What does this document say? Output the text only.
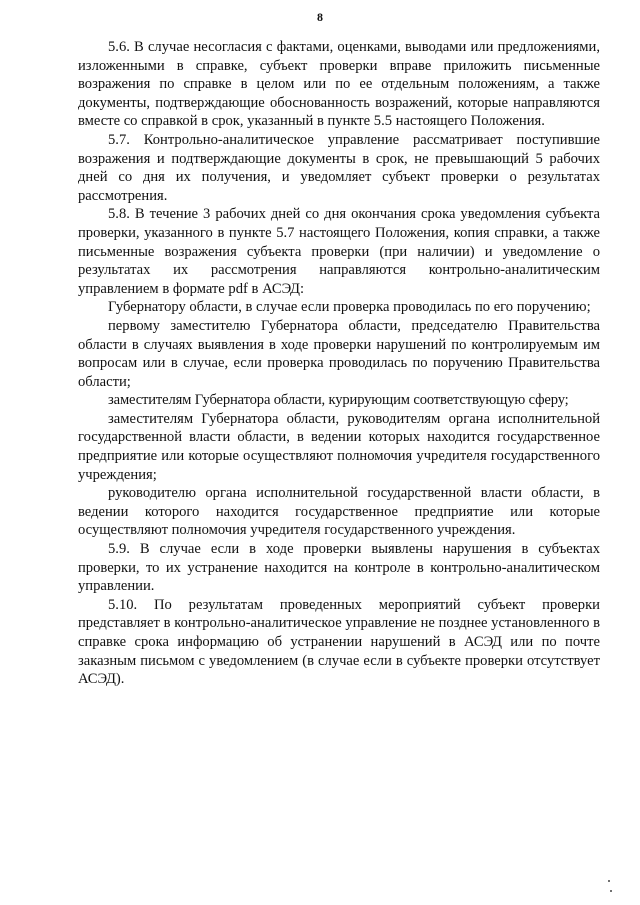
8

5.6. В случае несогласия с фактами, оценками, выводами или предложениями, изложенными в справке, субъект проверки вправе приложить письменные возражения по справке в целом или по ее отдельным положениям, а также документы, подтверждающие обоснованность возражений, которые направляются вместе со справкой в срок, указанный в пункте 5.5 настоящего Положения.

5.7. Контрольно-аналитическое управление рассматривает поступившие возражения и подтверждающие документы в срок, не превышающий 5 рабочих дней со дня их получения, и уведомляет субъект проверки о результатах рассмотрения.

5.8. В течение 3 рабочих дней со дня окончания срока уведомления субъекта проверки, указанного в пункте 5.7 настоящего Положения, копия справки, а также письменные возражения субъекта проверки (при наличии) и уведомление о результатах их рассмотрения направляются контрольно-аналитическим управлением в формате pdf в АСЭД:

Губернатору области, в случае если проверка проводилась по его поручению;

первому заместителю Губернатора области, председателю Правительства области в случаях выявления в ходе проверки нарушений по контролируемым им вопросам или в случае, если проверка проводилась по поручению Правительства области;

заместителям Губернатора области, курирующим соответствующую сферу;

заместителям Губернатора области, руководителям органа исполнительной государственной власти области, в ведении которых находится государственное предприятие или которые осуществляют полномочия учредителя государственного учреждения;

руководителю органа исполнительной государственной власти области, в ведении которого находится государственное предприятие или которые осуществляют полномочия учредителя государственного учреждения.

5.9. В случае если в ходе проверки выявлены нарушения в субъектах проверки, то их устранение находится на контроле в контрольно-аналитическом управлении.

5.10. По результатам проведенных мероприятий субъект проверки представляет в контрольно-аналитическое управление не позднее установленного в справке срока информацию об устранении нарушений в АСЭД или по почте заказным письмом с уведомлением (в случае если в субъекте проверки отсутствует АСЭД).
